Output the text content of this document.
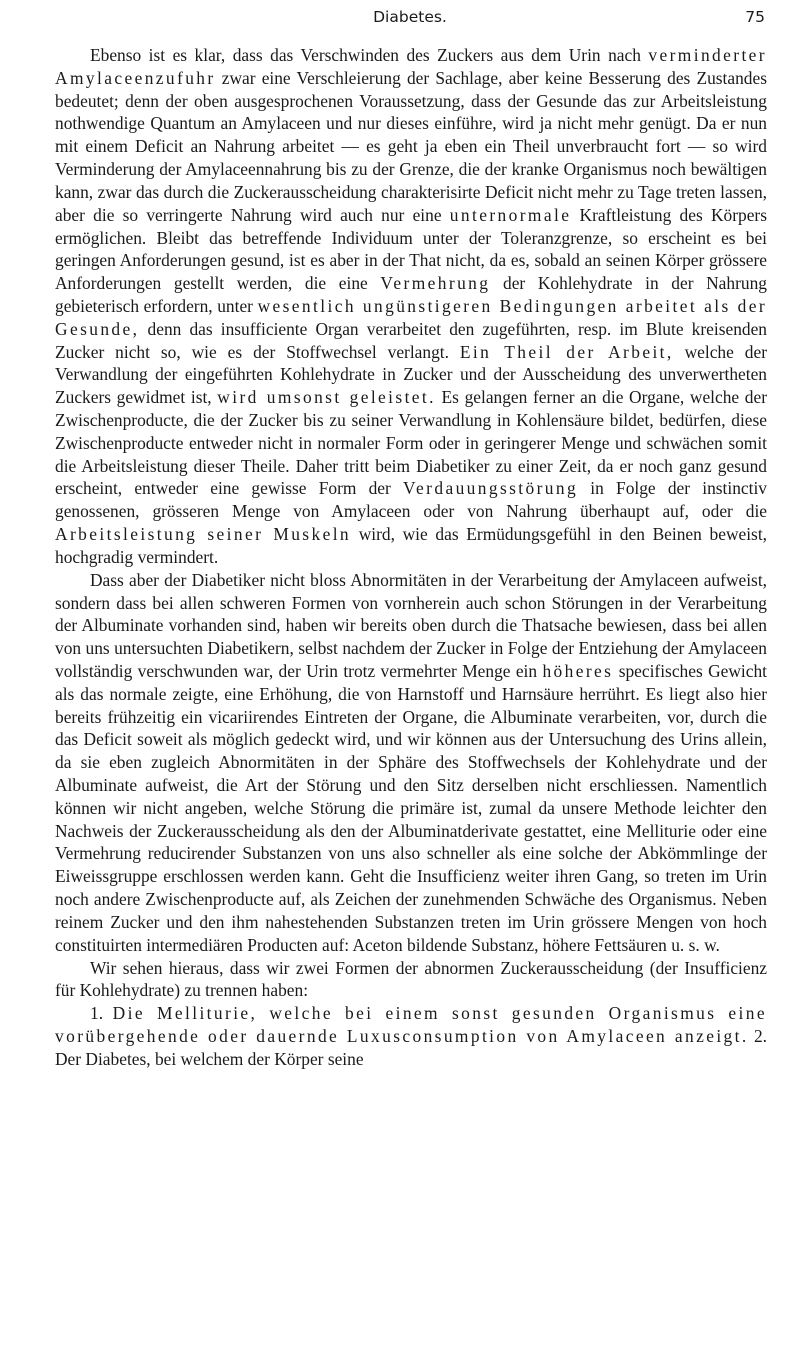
Diabetes.	75

Ebenso ist es klar, dass das Verschwinden des Zuckers aus dem Urin nach verminderter Amylaceenzufuhr zwar eine Verschleierung der Sachlage, aber keine Besserung des Zustandes bedeutet; denn der oben ausgesprochenen Voraussetzung, dass der Gesunde das zur Arbeitsleistung nothwendige Quantum an Amylaceen und nur dieses einführe, wird ja nicht mehr genügt. Da er nun mit einem Deficit an Nahrung arbeitet — es geht ja eben ein Theil unverbraucht fort — so wird Verminderung der Amylaceennahrung bis zu der Grenze, die der kranke Organismus noch bewältigen kann, zwar das durch die Zuckerausscheidung charakterisirte Deficit nicht mehr zu Tage treten lassen, aber die so verringerte Nahrung wird auch nur eine unternormale Kraftleistung des Körpers ermöglichen. Bleibt das betreffende Individuum unter der Toleranzgrenze, so erscheint es bei geringen Anforderungen gesund, ist es aber in der That nicht, da es, sobald an seinen Körper grössere Anforderungen gestellt werden, die eine Vermehrung der Kohlehydrate in der Nahrung gebieterisch erfordern, unter wesentlich ungünstigeren Bedingungen arbeitet als der Gesunde, denn das insufficiente Organ verarbeitet den zugeführten, resp. im Blute kreisenden Zucker nicht so, wie es der Stoffwechsel verlangt. Ein Theil der Arbeit, welche der Verwandlung der eingeführten Kohlehydrate in Zucker und der Ausscheidung des unverwertheten Zuckers gewidmet ist, wird umsonst geleistet. Es gelangen ferner an die Organe, welche der Zwischenproducte, die der Zucker bis zu seiner Verwandlung in Kohlensäure bildet, bedürfen, diese Zwischenproducte entweder nicht in normaler Form oder in geringerer Menge und schwächen somit die Arbeitsleistung dieser Theile. Daher tritt beim Diabetiker zu einer Zeit, da er noch ganz gesund erscheint, entweder eine gewisse Form der Verdauungsstörung in Folge der instinctiv genossenen, grösseren Menge von Amylaceen oder von Nahrung überhaupt auf, oder die Arbeitsleistung seiner Muskeln wird, wie das Ermüdungsgefühl in den Beinen beweist, hochgradig vermindert.

Dass aber der Diabetiker nicht bloss Abnormitäten in der Verarbeitung der Amylaceen aufweist, sondern dass bei allen schweren Formen von vornherein auch schon Störungen in der Verarbeitung der Albuminate vorhanden sind, haben wir bereits oben durch die Thatsache bewiesen, dass bei allen von uns untersuchten Diabetikern, selbst nachdem der Zucker in Folge der Entziehung der Amylaceen vollständig verschwunden war, der Urin trotz vermehrter Menge ein höheres specifisches Gewicht als das normale zeigte, eine Erhöhung, die von Harnstoff und Harnsäure herrührt. Es liegt also hier bereits frühzeitig ein vicariirendes Eintreten der Organe, die Albuminate verarbeiten, vor, durch die das Deficit soweit als möglich gedeckt wird, und wir können aus der Untersuchung des Urins allein, da sie eben zugleich Abnormitäten in der Sphäre des Stoffwechsels der Kohlehydrate und der Albuminate aufweist, die Art der Störung und den Sitz derselben nicht erschliessen. Namentlich können wir nicht angeben, welche Störung die primäre ist, zumal da unsere Methode leichter den Nachweis der Zuckerausscheidung als den der Albuminatderivate gestattet, eine Melliturie oder eine Vermehrung reducirender Substanzen von uns also schneller als eine solche der Abkömmlinge der Eiweissgruppe erschlossen werden kann. Geht die Insufficienz weiter ihren Gang, so treten im Urin noch andere Zwischenproducte auf, als Zeichen der zunehmenden Schwäche des Organismus. Neben reinem Zucker und den ihm nahestehenden Substanzen treten im Urin grössere Mengen von hoch constituirten intermediären Producten auf: Aceton bildende Substanz, höhere Fettsäuren u. s. w.

Wir sehen hieraus, dass wir zwei Formen der abnormen Zuckerausscheidung (der Insufficienz für Kohlehydrate) zu trennen haben:

1. Die Melliturie, welche bei einem sonst gesunden Organismus eine vorübergehende oder dauernde Luxusconsumption von Amylaceen anzeigt. 2. Der Diabetes, bei welchem der Körper seine
